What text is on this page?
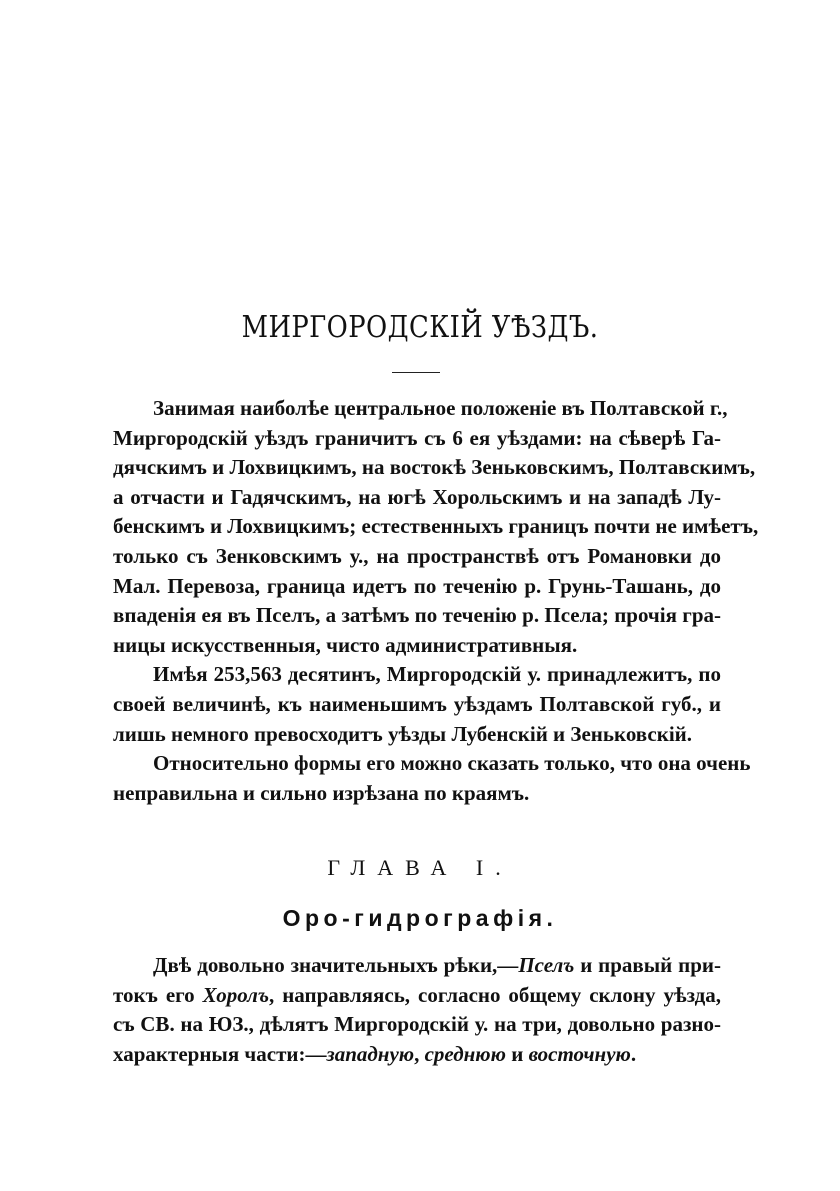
МИРГОРОДСКІЙ УѢЗДЪ.
Занимая наиболѣе центральное положеніе въ Полтавской г.,
Миргородскій уѣздъ граничитъ съ 6 ея уѣздами: на сѣверѣ Га-
дячскимъ и Лохвицкимъ, на востокѣ Зеньковскимъ, Полтавскимъ,
а отчасти и Гадячскимъ, на югѣ Хорольскимъ и на западѣ Лу-
бенскимъ и Лохвицкимъ; естественныхъ границъ почти не имѣетъ,
только съ Зенковскимъ у., на пространствѣ отъ Романовки до
Мал. Перевоза, граница идетъ по теченію р. Грунь-Ташань, до
впаденія ея въ Пселъ, а затѣмъ по теченію р. Псела; прочія гра-
ницы искусственныя, чисто административныя.
Имѣя 253,563 десятинъ, Миргородскій у. принадлежитъ, по
своей величинѣ, къ наименьшимъ уѣздамъ Полтавской губ., и
лишь немного превосходитъ уѣзды Лубенскій и Зеньковскій.
Относительно формы его можно сказать только, что она очень
неправильна и сильно изрѣзана по краямъ.
ГЛАВА I.
Оро-гидрографія.
Двѣ довольно значительныхъ рѣки,—Пселъ и правый при-
токъ его Хоролъ, направляясь, согласно общему склону уѣзда,
съ СВ. на ЮЗ., дѣлятъ Миргородскій у. на три, довольно разно-
характерныя части:—западную, среднюю и восточную.
